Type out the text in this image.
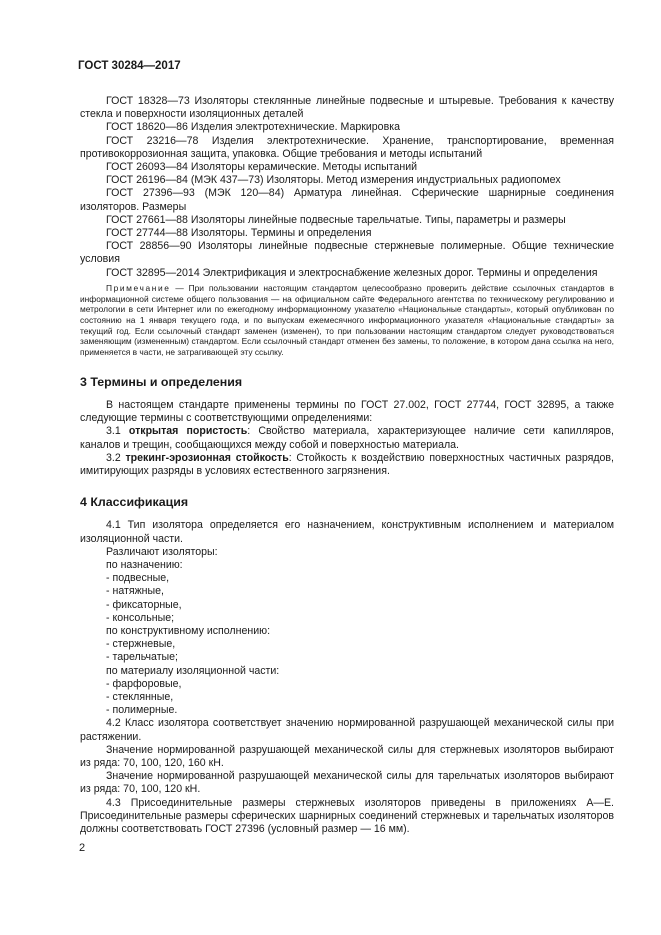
ГОСТ 30284—2017

ГОСТ 18328—73 Изоляторы стеклянные линейные подвесные и штыревые. Требования к качеству стекла и поверхности изоляционных деталей

ГОСТ 18620—86 Изделия электротехнические. Маркировка

ГОСТ 23216—78 Изделия электротехнические. Хранение, транспортирование, временная противокоррозионная защита, упаковка. Общие требования и методы испытаний

ГОСТ 26093—84 Изоляторы керамические. Методы испытаний

ГОСТ 26196—84 (МЭК 437—73) Изоляторы. Метод измерения индустриальных радиопомех

ГОСТ 27396—93 (МЭК 120—84) Арматура линейная. Сферические шарнирные соединения изоляторов. Размеры

ГОСТ 27661—88 Изоляторы линейные подвесные тарельчатые. Типы, параметры и размеры

ГОСТ 27744—88 Изоляторы. Термины и определения

ГОСТ 28856—90 Изоляторы линейные подвесные стержневые полимерные. Общие технические условия

ГОСТ 32895—2014 Электрификация и электроснабжение железных дорог. Термины и определения

Примечание — При пользовании настоящим стандартом целесообразно проверить действие ссылочных стандартов в информационной системе общего пользования — на официальном сайте Федерального агентства по техническому регулированию и метрологии в сети Интернет или по ежегодному информационному указателю «Национальные стандарты», который опубликован по состоянию на 1 января текущего года, и по выпускам ежемесячного информационного указателя «Национальные стандарты» за текущий год. Если ссылочный стандарт заменен (изменен), то при пользовании настоящим стандартом следует руководствоваться заменяющим (измененным) стандартом. Если ссылочный стандарт отменен без замены, то положение, в котором дана ссылка на него, применяется в части, не затрагивающей эту ссылку.

3 Термины и определения

В настоящем стандарте применены термины по ГОСТ 27.002, ГОСТ 27744, ГОСТ 32895, а также следующие термины с соответствующими определениями:

3.1 открытая пористость: Свойство материала, характеризующее наличие сети капилляров, каналов и трещин, сообщающихся между собой и поверхностью материала.

3.2 трекинг-эрозионная стойкость: Стойкость к воздействию поверхностных частичных разрядов, имитирующих разряды в условиях естественного загрязнения.

4 Классификация

4.1 Тип изолятора определяется его назначением, конструктивным исполнением и материалом изоляционной части.

Различают изоляторы:

по назначению:

- подвесные,

- натяжные,

- фиксаторные,

- консольные;

по конструктивному исполнению:

- стержневые,

- тарельчатые;

по материалу изоляционной части:

- фарфоровые,

- стеклянные,

- полимерные.

4.2 Класс изолятора соответствует значению нормированной разрушающей механической силы при растяжении.

Значение нормированной разрушающей механической силы для стержневых изоляторов выбирают из ряда: 70, 100, 120, 160 кН.

Значение нормированной разрушающей механической силы для тарельчатых изоляторов выбирают из ряда: 70, 100, 120 кН.

4.3 Присоединительные размеры стержневых изоляторов приведены в приложениях А—Е. Присоединительные размеры сферических шарнирных соединений стержневых и тарельчатых изоляторов должны соответствовать ГОСТ 27396 (условный размер — 16 мм).

2
